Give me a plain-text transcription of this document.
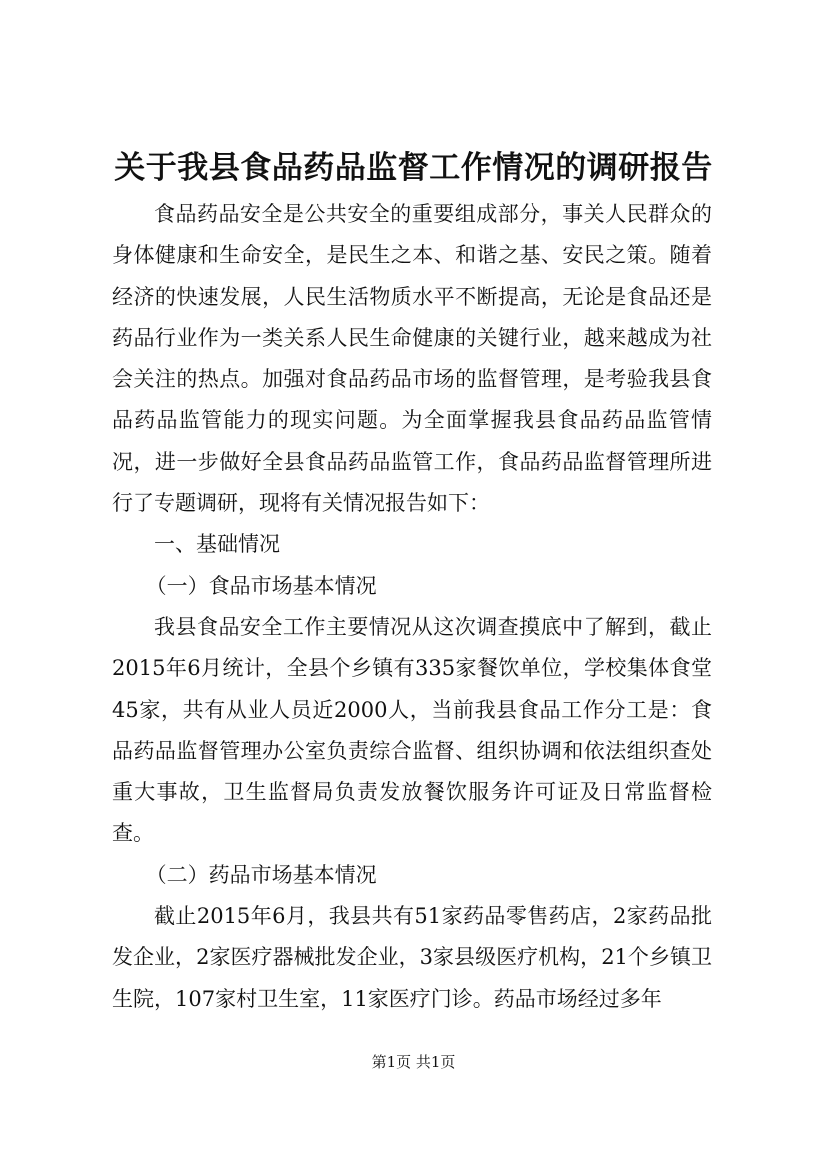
关于我县食品药品监督工作情况的调研报告

食品药品安全是公共安全的重要组成部分，事关人民群众的身体健康和生命安全，是民生之本、和谐之基、安民之策。随着经济的快速发展，人民生活物质水平不断提高，无论是食品还是药品行业作为一类关系人民生命健康的关键行业，越来越成为社会关注的热点。加强对食品药品市场的监督管理，是考验我县食品药品监管能力的现实问题。为全面掌握我县食品药品监管情况，进一步做好全县食品药品监管工作，食品药品监督管理所进行了专题调研，现将有关情况报告如下：

一、基础情况

（一）食品市场基本情况

我县食品安全工作主要情况从这次调查摸底中了解到，截止2015年6月统计，全县个乡镇有335家餐饮单位，学校集体食堂45家，共有从业人员近2000人，当前我县食品工作分工是：食品药品监督管理办公室负责综合监督、组织协调和依法组织查处重大事故，卫生监督局负责发放餐饮服务许可证及日常监督检查。

（二）药品市场基本情况

截止2015年6月，我县共有51家药品零售药店，2家药品批发企业，2家医疗器械批发企业，3家县级医疗机构，21个乡镇卫生院，107家村卫生室，11家医疗门诊。药品市场经过多年

第1页 共1页
